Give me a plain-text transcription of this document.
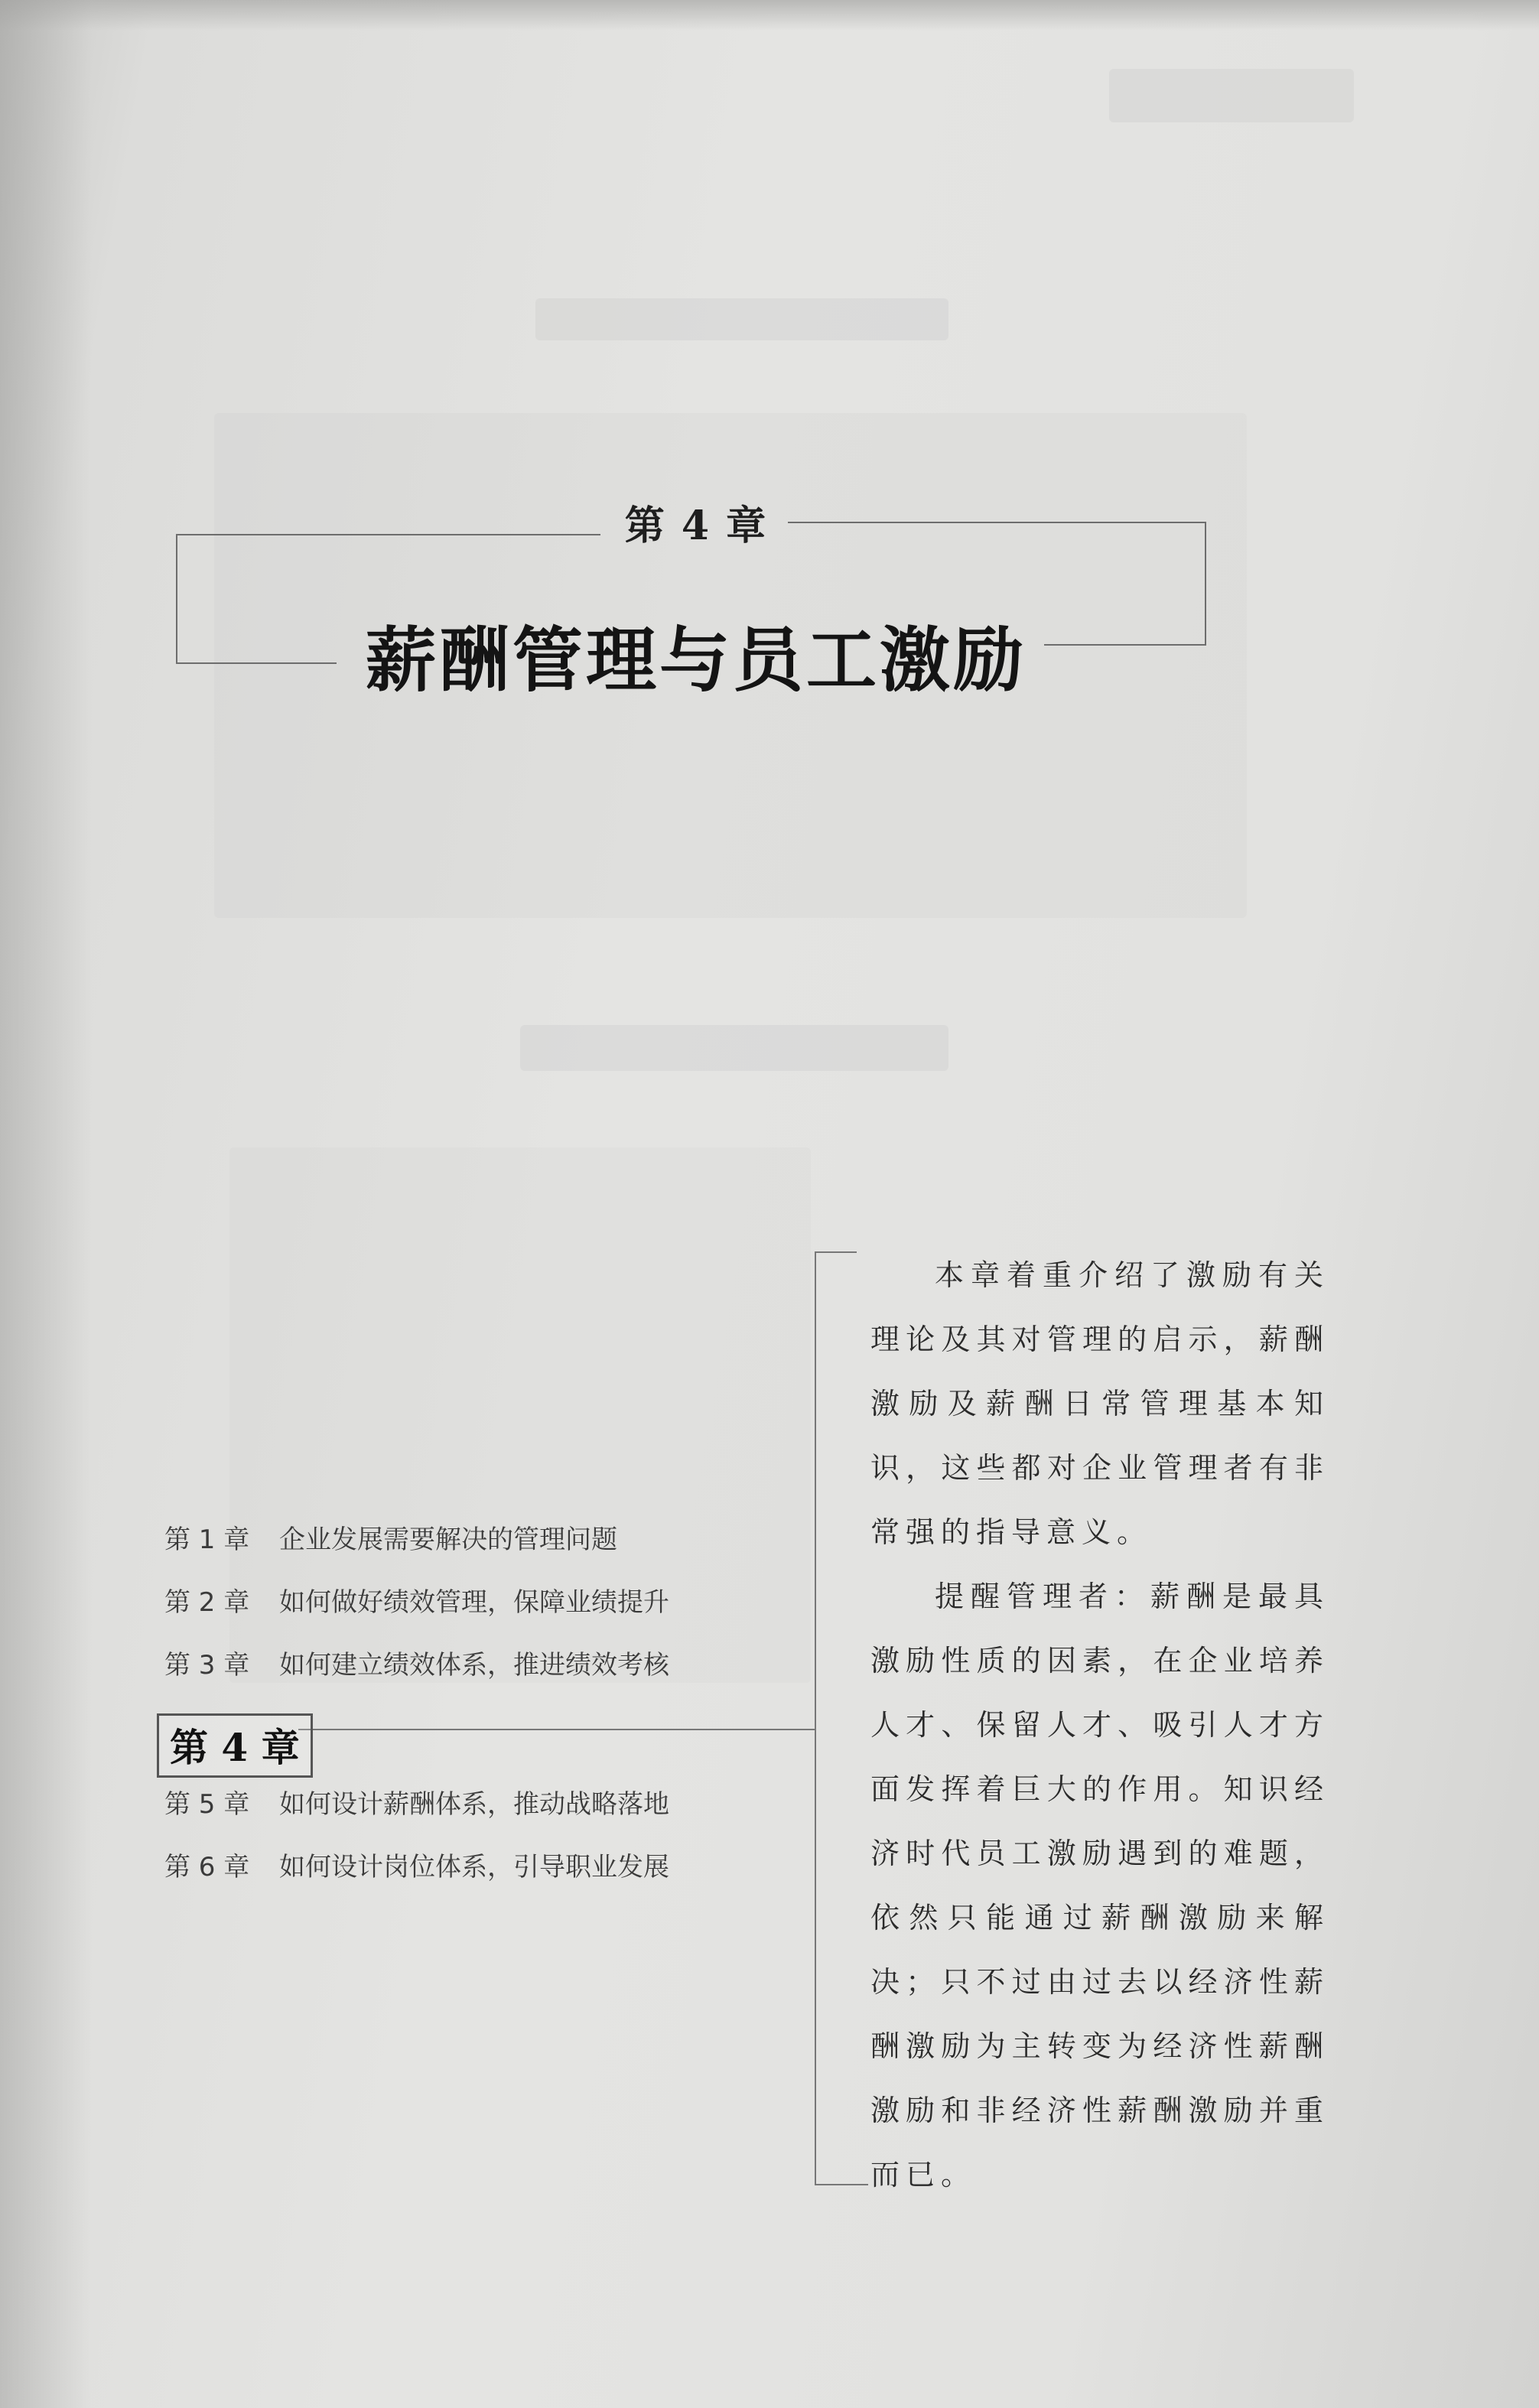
第 4 章
薪酬管理与员工激励
第 1 章 企业发展需要解决的管理问题
第 2 章 如何做好绩效管理，保障业绩提升
第 3 章 如何建立绩效体系，推进绩效考核
第 4 章
第 5 章 如何设计薪酬体系，推动战略落地
第 6 章 如何设计岗位体系，引导职业发展

本章着重介绍了激励有关理论及其对管理的启示，薪酬激励及薪酬日常管理基本知识，这些都对企业管理者有非常强的指导意义。

提醒管理者：薪酬是最具激励性质的因素，在企业培养人才、保留人才、吸引人才方面发挥着巨大的作用。知识经济时代员工激励遇到的难题，依然只能通过薪酬激励来解决；只不过由过去以经济性薪酬激励为主转变为经济性薪酬激励和非经济性薪酬激励并重而已。
